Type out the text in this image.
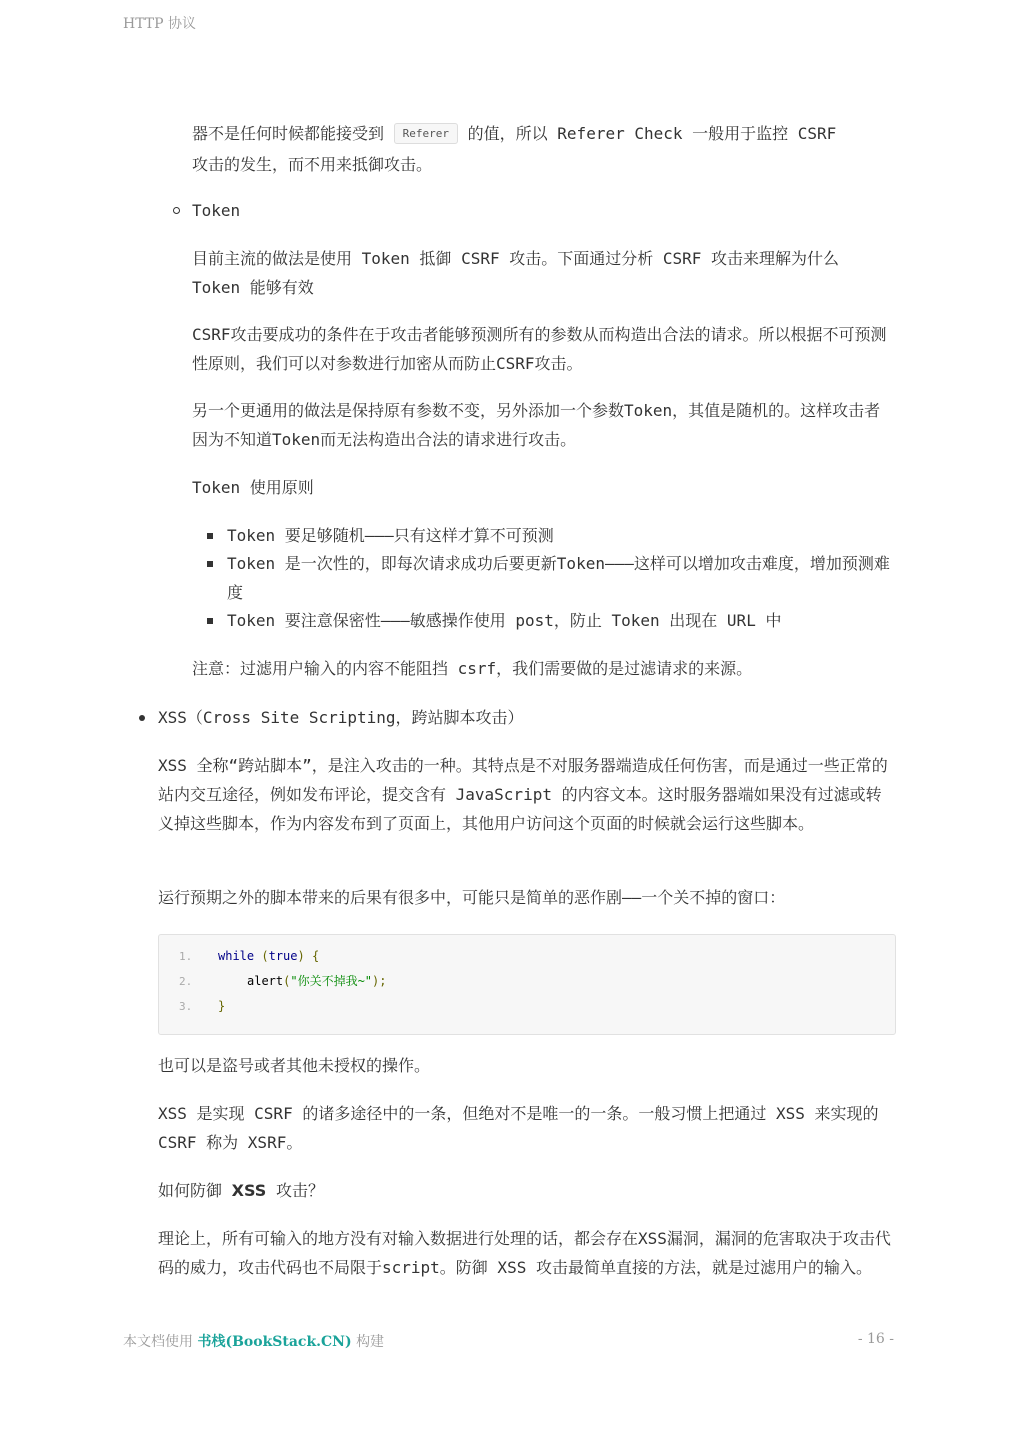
HTTP 协议

器不是任何时候都能接受到 Referer 的值，所以 Referer Check 一般用于监控 CSRF
攻击的发生，而不用来抵御攻击。

Token

目前主流的做法是使用 Token 抵御 CSRF 攻击。下面通过分析 CSRF 攻击来理解为什么 Token 能够有效

CSRF攻击要成功的条件在于攻击者能够预测所有的参数从而构造出合法的请求。所以根据不可预测性原则，我们可以对参数进行加密从而防止CSRF攻击。

另一个更通用的做法是保持原有参数不变，另外添加一个参数Token，其值是随机的。这样攻击者因为不知道Token而无法构造出合法的请求进行攻击。

Token 使用原则

Token 要足够随机———只有这样才算不可预测

Token 是一次性的，即每次请求成功后要更新Token———这样可以增加攻击难度，增加预测难度

Token 要注意保密性———敏感操作使用 post，防止 Token 出现在 URL 中

注意：过滤用户输入的内容不能阻挡 csrf，我们需要做的是过滤请求的来源。

XSS（Cross Site Scripting，跨站脚本攻击）

XSS 全称“跨站脚本”，是注入攻击的一种。其特点是不对服务器端造成任何伤害，而是通过一些正常的站内交互途径，例如发布评论，提交含有 JavaScript 的内容文本。这时服务器端如果没有过滤或转义掉这些脚本，作为内容发布到了页面上，其他用户访问这个页面的时候就会运行这些脚本。

运行预期之外的脚本带来的后果有很多中，可能只是简单的恶作剧——一个关不掉的窗口：

1.	while (true) {
2.	alert("你关不掉我~");
3.	}

也可以是盗号或者其他未授权的操作。

XSS 是实现 CSRF 的诸多途径中的一条，但绝对不是唯一的一条。一般习惯上把通过 XSS 来实现的 CSRF 称为 XSRF。

如何防御 XSS 攻击？

理论上，所有可输入的地方没有对输入数据进行处理的话，都会存在XSS漏洞，漏洞的危害取决于攻击代码的威力，攻击代码也不局限于script。防御 XSS 攻击最简单直接的方法，就是过滤用户的输入。

本文档使用 书栈(BookStack.CN) 构建	- 16 -
